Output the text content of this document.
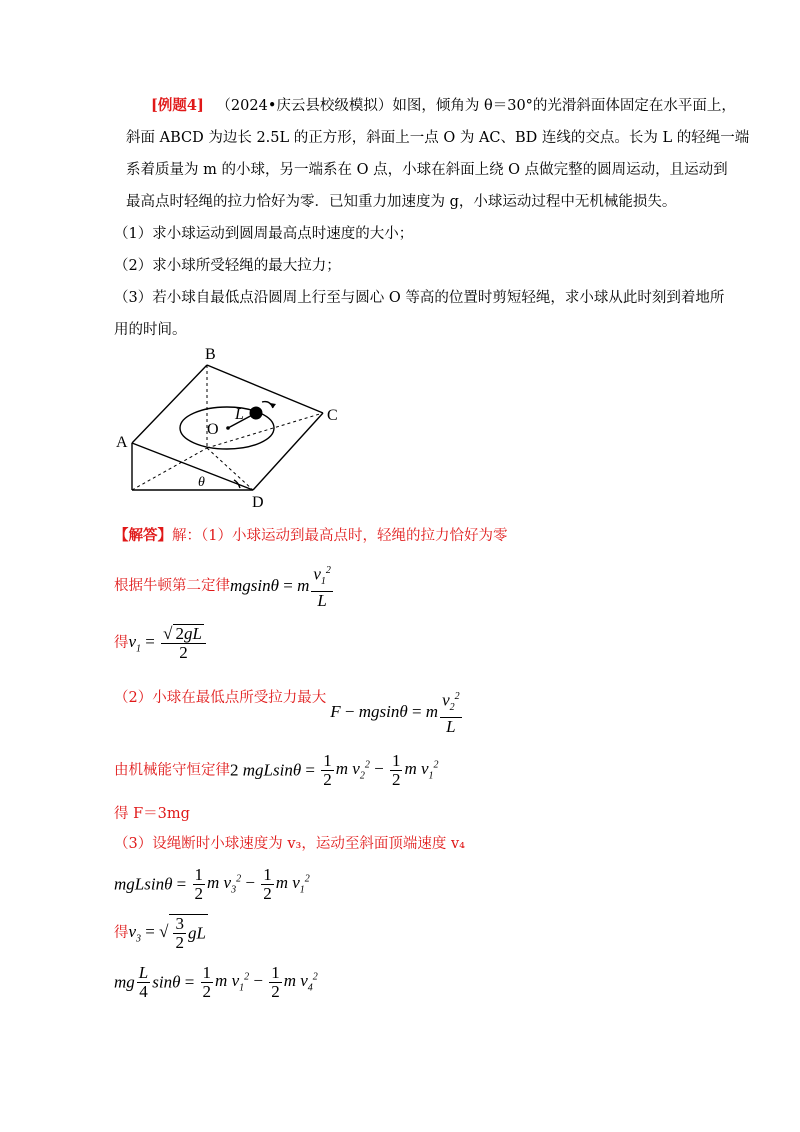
[例题4] （2024•庆云县校级模拟）如图，倾角为 θ＝30°的光滑斜面体固定在水平面上，
斜面 ABCD 为边长 2.5L 的正方形，斜面上一点 O 为 AC、BD 连线的交点。长为 L 的轻绳一端
系着质量为 m 的小球，另一端系在 O 点，小球在斜面上绕 O 点做完整的圆周运动，且运动到
最高点时轻绳的拉力恰好为零．已知重力加速度为 g，小球运动过程中无机械能损失。
（1）求小球运动到圆周最高点时速度的大小；
（2）求小球所受轻绳的最大拉力；
（3）若小球自最低点沿圆周上行至与圆心 O 等高的位置时剪短轻绳，求小球从此时刻到着地所
用的时间。
A
B
C
D
O
L
θ
【解答】解：（1）小球运动到最高点时，轻绳的拉力恰好为零
根据牛顿第二定律mgsinθ = m $\frac{v_1^2}{L}$
得$v_1 = \frac{√ 2gL}{2}$
（2）小球在最低点所受拉力最大F − mgsinθ = m $\frac{v_2^2}{L}$
由机械能守恒定律2 $mgLsin\theta = \frac{1}{2}$ m $v_2^2 - \frac{1}{2}$ m $v_1^2$
得 F＝3mg
（3）设绳断时小球速度为 v₃，运动至斜面顶端速度 v₄
$mgLsin\theta = \frac{1}{2}$ m $v_3^2 - \frac{1}{2}$ m $v_1^2$
得$v_3$ = √ $\frac{3}{2}$ gL
mg $\frac{L}{4}$ $\sin\theta = \frac{1}{2}$ m $v_1^2 - \frac{1}{2}$ m $v_4^2$
